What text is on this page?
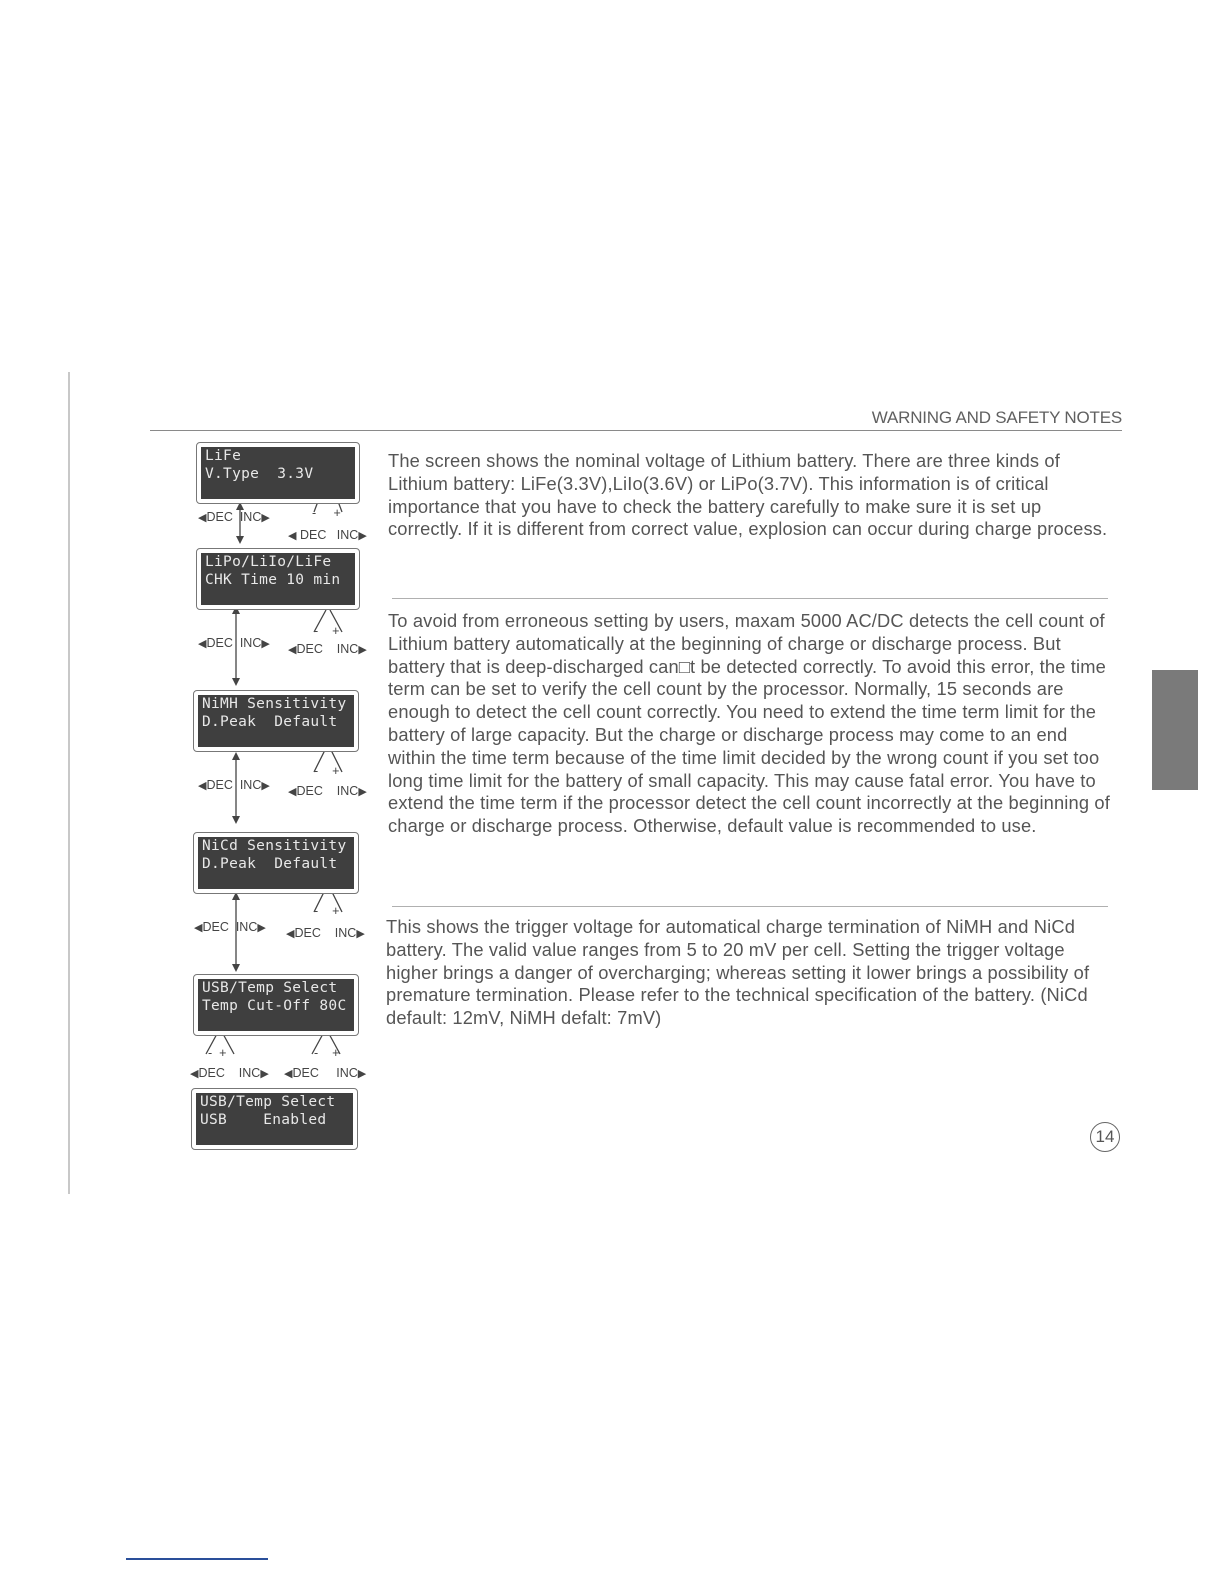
WARNING AND SAFETY NOTES
LiFe
V.Type  3.3V
◀DEC INC▶	- +
◀ DEC INC▶
LiPo/LiIo/LiFe
CHK Time 10 min
◀DEC INC▶
- +
◀DEC INC▶
NiMH Sensitivity
D.Peak  Default
◀DEC INC▶
- +
◀DEC INC▶
NiCd Sensitivity
D.Peak  Default
◀DEC INC▶
- +
◀DEC INC▶
USB/Temp Select
Temp Cut-Off 80C
- +	- +
◀DEC INC▶ ◀DEC INC▶
USB/Temp Select
USB    Enabled

The screen shows the nominal voltage of Lithium battery. There are three kinds of Lithium battery: LiFe(3.3V),LiIo(3.6V) or LiPo(3.7V). This information is of critical importance that you have to check the battery carefully to make sure it is set up correctly. If it is different from correct value, explosion can occur during charge process.

To avoid from erroneous setting by users, maxam 5000 AC/DC detects the cell count of Lithium battery automatically at the beginning of charge or discharge process. But battery that is deep-discharged can□t be detected correctly. To avoid this error, the time term can be set to verify the cell count by the processor. Normally, 15 seconds are enough to detect the cell count correctly. You need to extend the time term limit for the battery of large capacity. But the charge or discharge process may come to an end within the time term because of the time limit decided by the wrong count if you set too long time limit for the battery of small capacity. This may cause fatal error. You have to extend the time term if the processor detect the cell count incorrectly at the beginning of charge or discharge process. Otherwise, default value is recommended to use.

This shows the trigger voltage for automatical charge termination of NiMH and NiCd battery. The valid value ranges from 5 to 20 mV per cell. Setting the trigger voltage higher brings a danger of overcharging; whereas setting it lower brings a possibility of premature termination. Please refer to the technical specification of the battery. (NiCd default: 12mV, NiMH defalt: 7mV)

14
